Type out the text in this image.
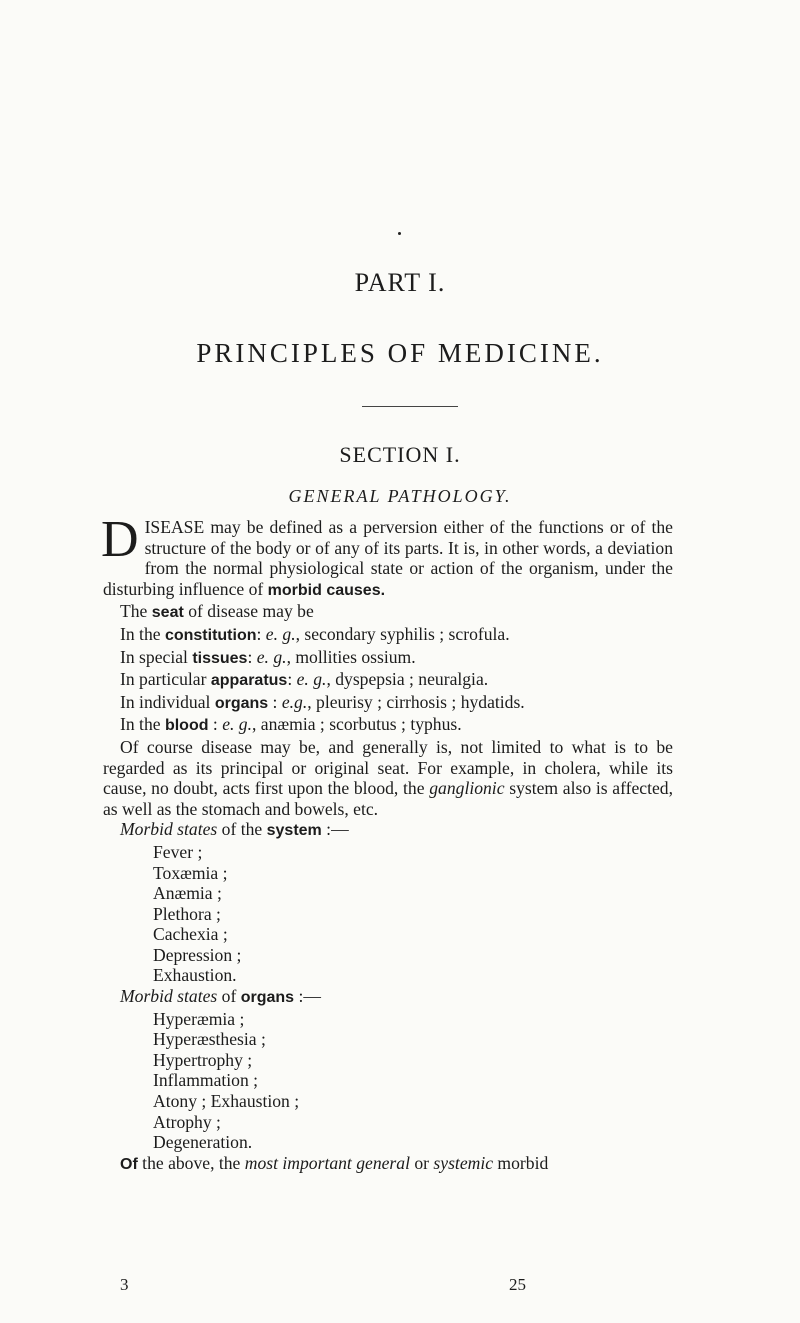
PART I.
PRINCIPLES OF MEDICINE.
SECTION I.
GENERAL PATHOLOGY.

DISEASE may be defined as a perversion either of the functions or of the structure of the body or of any of its parts. It is, in other words, a deviation from the normal physiological state or action of the organism, under the disturbing influence of morbid causes.

The seat of disease may be

In the constitution: e. g., secondary syphilis ; scrofula.

In special tissues: e. g., mollities ossium.

In particular apparatus: e. g., dyspepsia ; neuralgia.

In individual organs : e.g., pleurisy ; cirrhosis ; hydatids.

In the blood : e. g., anæmia ; scorbutus ; typhus.

Of course disease may be, and generally is, not limited to what is to be regarded as its principal or original seat. For example, in cholera, while its cause, no doubt, acts first upon the blood, the ganglionic system also is affected, as well as the stomach and bowels, etc.

Morbid states of the system :—

Fever ;

Toxæmia ;

Anæmia ;

Plethora ;

Cachexia ;

Depression ;

Exhaustion.

Morbid states of organs :—

Hyperæmia ;

Hyperæsthesia ;

Hypertrophy ;

Inflammation ;

Atony ; Exhaustion ;

Atrophy ;

Degeneration.

Of the above, the most important general or systemic morbid

3	25
